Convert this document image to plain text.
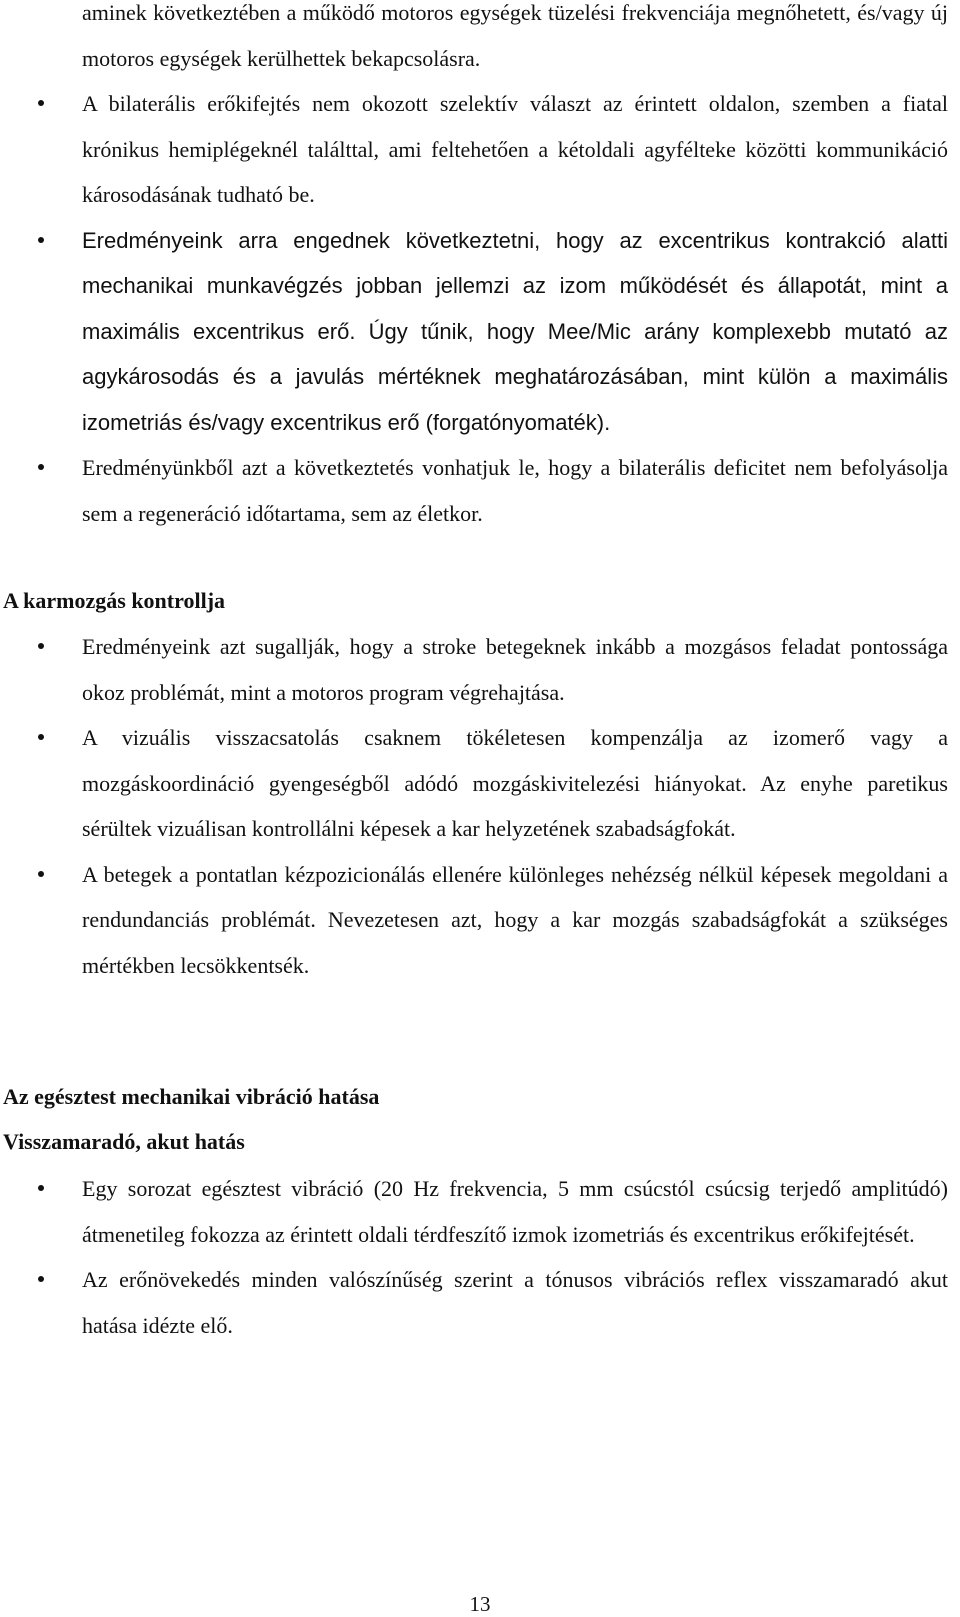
aminek következtében a működő motoros egységek tüzelési frekvenciája megnőhetett, és/vagy új motoros egységek kerülhettek bekapcsolásra.

A bilaterális erőkifejtés nem okozott szelektív választ az érintett oldalon, szemben a fiatal krónikus hemiplégeknél találttal, ami feltehetően a kétoldali agyfélteke közötti kommunikáció károsodásának tudható be.
Eredményeink arra engednek következtetni, hogy az excentrikus kontrakció alatti mechanikai munkavégzés jobban jellemzi az izom működését és állapotát, mint a maximális excentrikus erő. Úgy tűnik, hogy Mee/Mic arány komplexebb mutató az agykárosodás és a javulás mértéknek meghatározásában, mint külön a maximális izometriás és/vagy excentrikus erő (forgatónyomaték).
Eredményünkből azt a következtetés vonhatjuk le, hogy a bilaterális deficitet nem befolyásolja sem a regeneráció időtartama, sem az életkor.
A karmozgás kontrollja
Eredményeink azt sugallják, hogy a stroke betegeknek inkább a mozgásos feladat pontossága okoz problémát, mint a motoros program végrehajtása.
A vizuális visszacsatolás csaknem tökéletesen kompenzálja az izomerő vagy a mozgáskoordináció gyengeségből adódó mozgáskivitelezési hiányokat. Az enyhe paretikus sérültek vizuálisan kontrollálni képesek a kar helyzetének szabadságfokát.
A betegek a pontatlan kézpozicionálás ellenére különleges nehézség nélkül képesek megoldani a rendundanciás problémát. Nevezetesen azt, hogy a kar mozgás szabadságfokát a szükséges mértékben lecsökkentsék.
Az egésztest mechanikai vibráció hatása
Visszamaradó, akut hatás
Egy sorozat egésztest vibráció (20 Hz frekvencia, 5 mm csúcstól csúcsig terjedő amplitúdó) átmenetileg fokozza az érintett oldali térdfeszítő izmok izometriás és excentrikus erőkifejtését.
Az erőnövekedés minden valószínűség szerint a tónusos vibrációs reflex visszamaradó akut hatása idézte elő.
13
